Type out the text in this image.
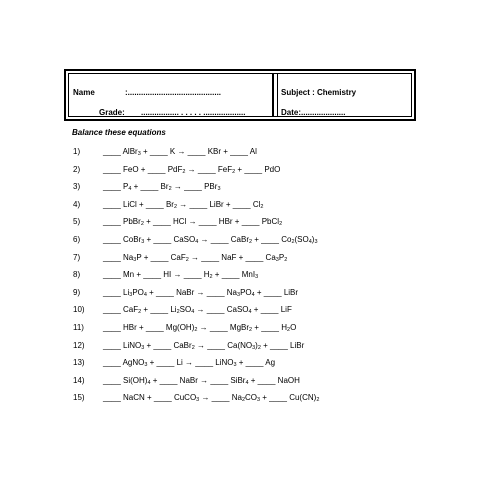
Name	:..........................................
Grade: ................. . . . . . ...................
Subject : Chemistry
Date:....................
Balance these equations
1)	____ AlBr$_3$ + ____ K → ____ KBr + ____ Al
2)	____ FeO + ____ PdF$_2$ → ____ FeF$_2$ + ____ PdO
3)	____ $P_4$ + ____ $Br_2$ → ____ PBr$_3$
4)	____ LiCl + ____ $Br_2$ → ____ LiBr + ____ $Cl_2$
5)	____ PbBr$_2$ + ____ HCl → ____ HBr + ____ PbCl$_2$
6)	____ CoBr$_3$ + ____ CaSO$_4$ → ____ CaBr$_2$ + ____ $Co_2(SO_4)_3$
7)	____ $Na_3P$ + ____ CaF$_2$ → ____ NaF + ____ $Ca_3P_2$
8)	____ Mn + ____ HI → ____ $H_2$ + ____ MnI$_3$
9)	____ $Li_3PO_4$ + ____ NaBr → ____ $Na_3PO_4$ + ____ LiBr
10)	____ CaF$_2$ + ____ $Li_2SO_4$ → ____ CaSO$_4$ + ____ LiF
11)	____ HBr + ____ $Mg(OH)_2$ → ____ MgBr$_2$ + ____ $H_2O$
12)	____ LiNO$_3$ + ____ CaBr$_2$ → ____ $Ca(NO_3)_2$ + ____ LiBr
13)	____ AgNO$_3$ + ____ Li → ____ LiNO$_3$ + ____ Ag
14)	____ $Si(OH)_4$ + ____ NaBr → ____ SiBr$_4$ + ____ NaOH
15)	____ NaCN + ____ CuCO$_3$ → ____ $Na_2CO_3$ + ____ $Cu(CN)_2$
